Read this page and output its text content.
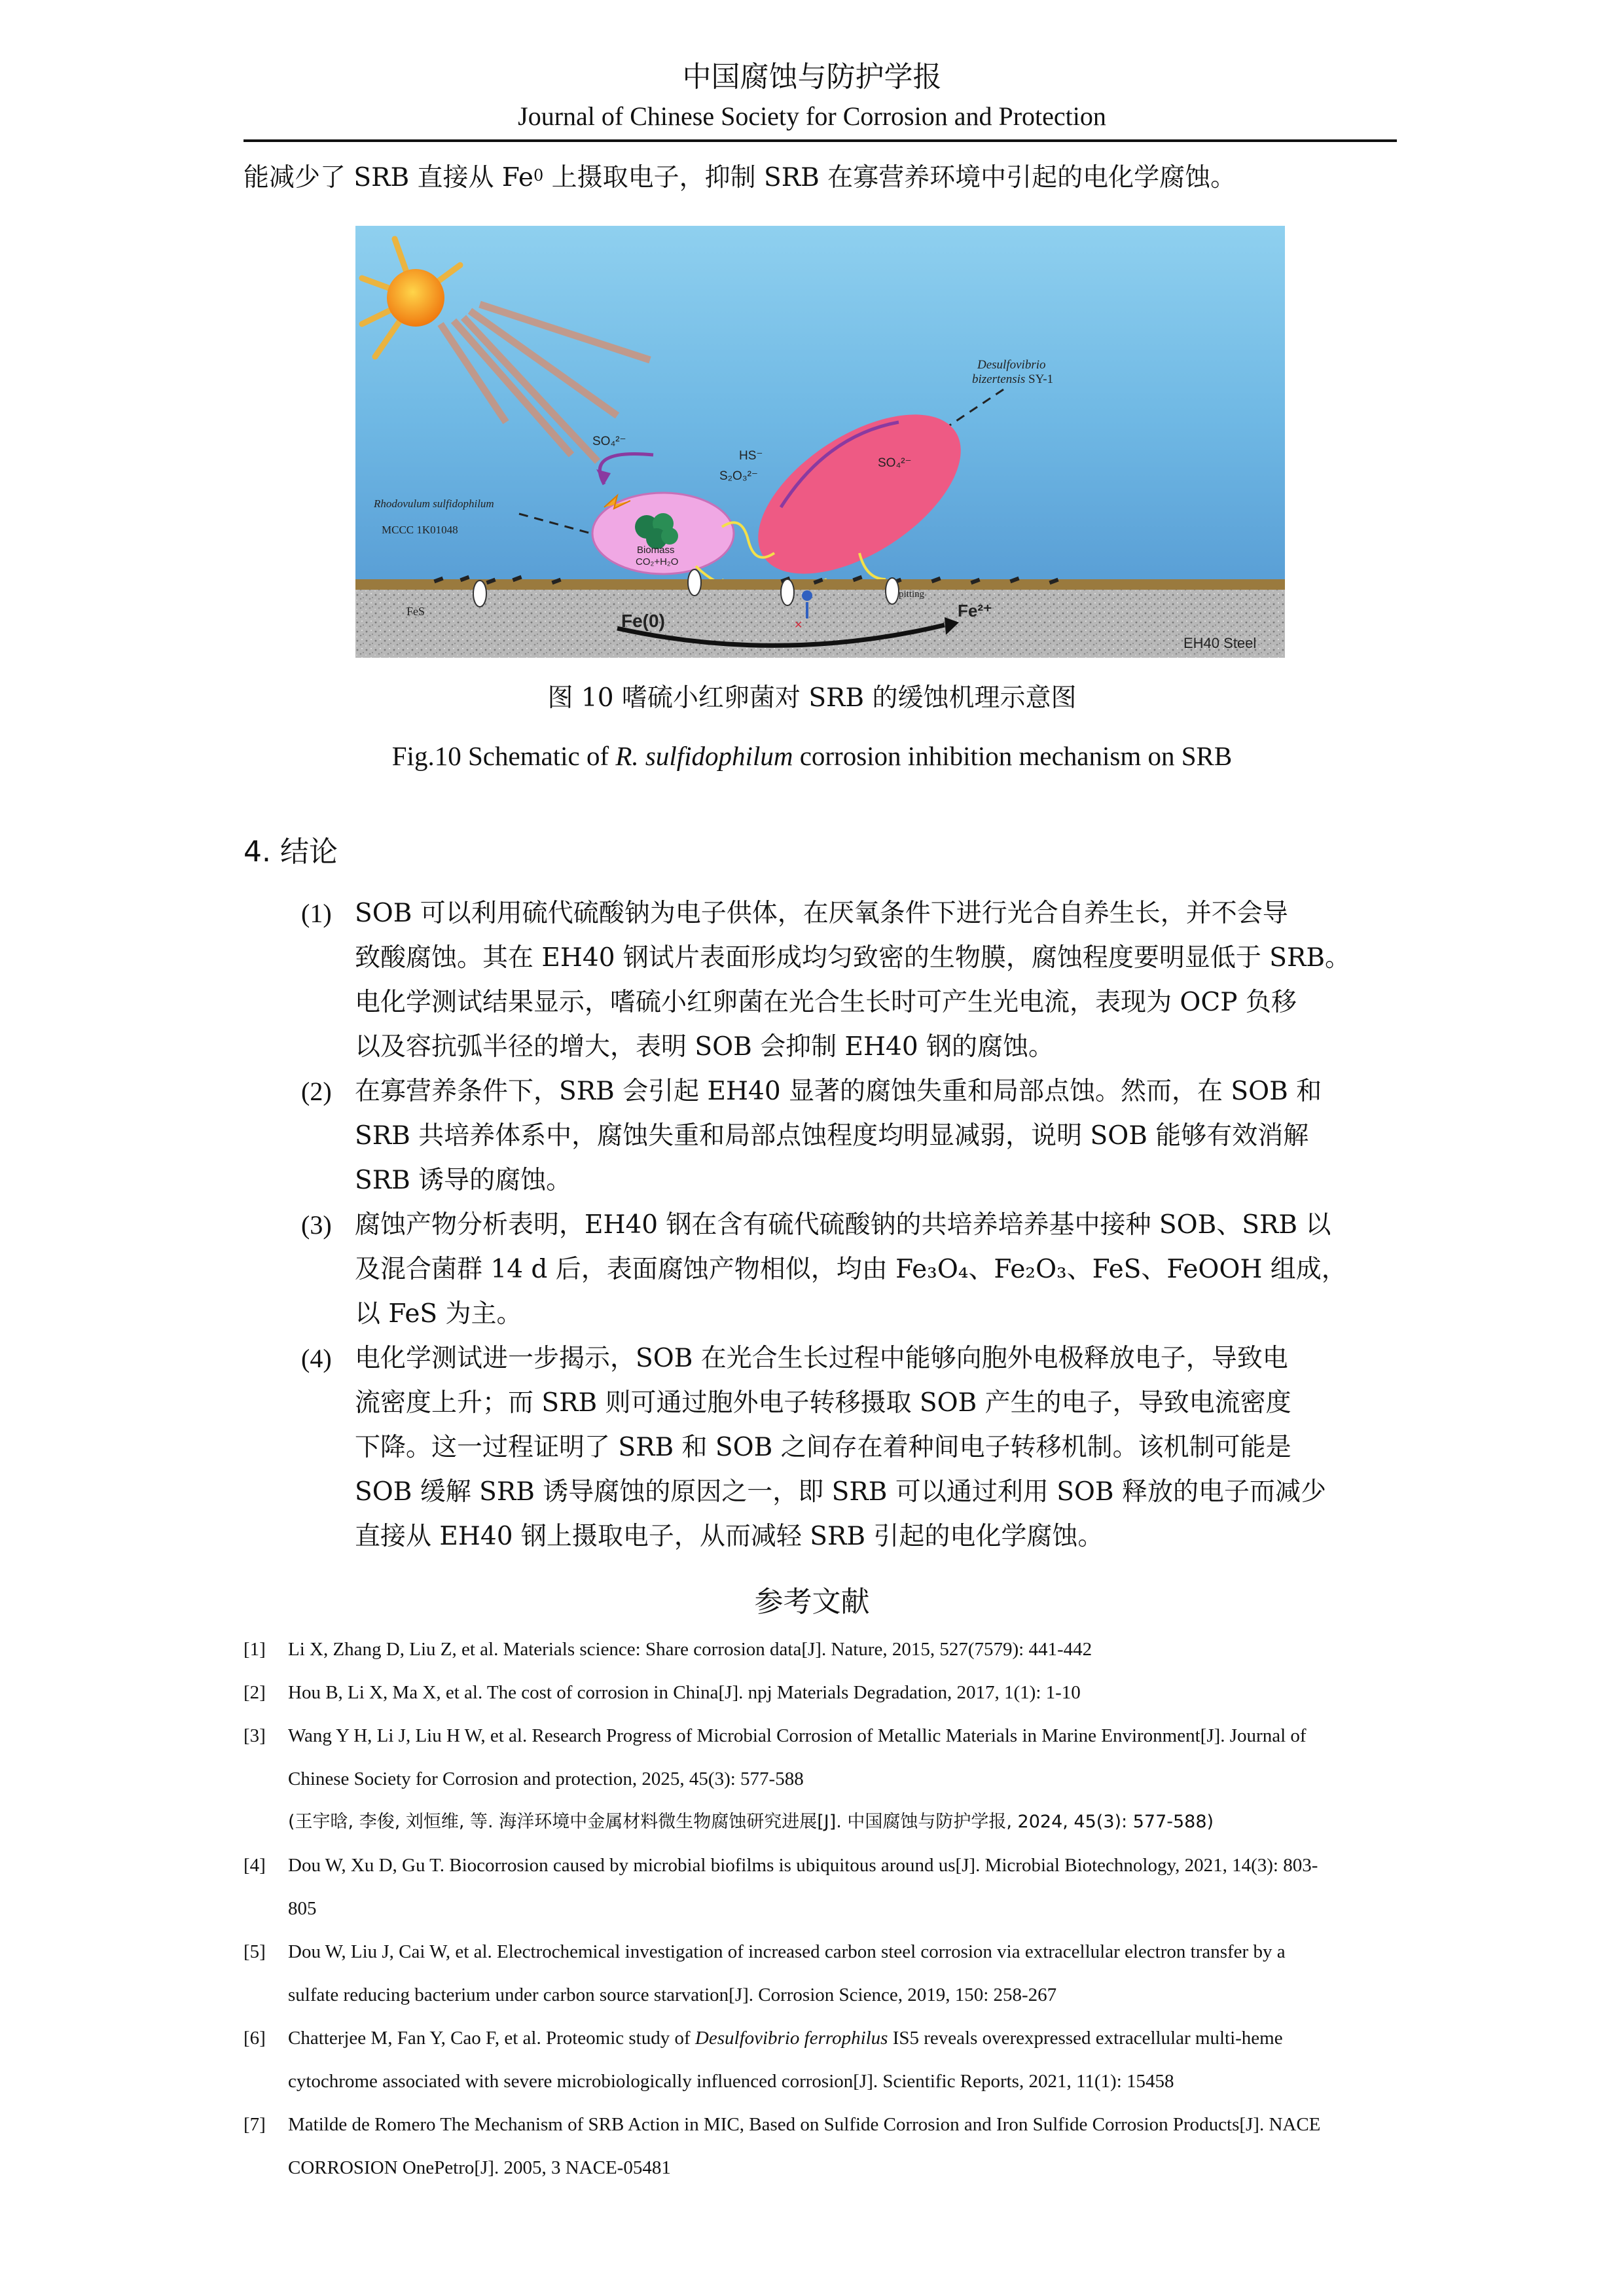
中国腐蚀与防护学报
Journal of Chinese Society for Corrosion and Protection
能减少了 SRB 直接从 Fe$^0$ 上摄取电子，抑制 SRB 在寡营养环境中引起的电化学腐蚀。
Desulfovibrio
bizertensis SY-1
Rhodovulum sulfidophilum
MCCC 1K01048
SO₄²⁻
S₂O₃²⁻
HS⁻
SO₄²⁻
Biomass
CO₂+H₂O
FeS
pitting
Fe(0)	Fe²⁺
EH40 Steel
✕
图 10 嗜硫小红卵菌对 SRB 的缓蚀机理示意图
Fig.10 Schematic of R. sulfidophilum corrosion inhibition mechanism on SRB
4. 结论
(1) SOB 可以利用硫代硫酸钠为电子供体，在厌氧条件下进行光合自养生长，并不会导
致酸腐蚀。其在 EH40 钢试片表面形成均匀致密的生物膜，腐蚀程度要明显低于 SRB。
电化学测试结果显示，嗜硫小红卵菌在光合生长时可产生光电流，表现为 OCP 负移
以及容抗弧半径的增大，表明 SOB 会抑制 EH40 钢的腐蚀。
(2) 在寡营养条件下，SRB 会引起 EH40 显著的腐蚀失重和局部点蚀。然而，在 SOB 和
SRB 共培养体系中，腐蚀失重和局部点蚀程度均明显减弱，说明 SOB 能够有效消解
SRB 诱导的腐蚀。
(3) 腐蚀产物分析表明，EH40 钢在含有硫代硫酸钠的共培养培养基中接种 SOB、SRB 以
及混合菌群 14 d 后，表面腐蚀产物相似，均由 Fe₃O₄、Fe₂O₃、FeS、FeOOH 组成，
以 FeS 为主。
(4) 电化学测试进一步揭示，SOB 在光合生长过程中能够向胞外电极释放电子，导致电
流密度上升；而 SRB 则可通过胞外电子转移摄取 SOB 产生的电子，导致电流密度
下降。这一过程证明了 SRB 和 SOB 之间存在着种间电子转移机制。该机制可能是
SOB 缓解 SRB 诱导腐蚀的原因之一，即 SRB 可以通过利用 SOB 释放的电子而减少
直接从 EH40 钢上摄取电子，从而减轻 SRB 引起的电化学腐蚀。
参考文献
[1] Li X, Zhang D, Liu Z, et al. Materials science: Share corrosion data[J]. Nature, 2015, 527(7579): 441-442
[2] Hou B, Li X, Ma X, et al. The cost of corrosion in China[J]. npj Materials Degradation, 2017, 1(1): 1-10
[3] Wang Y H, Li J, Liu H W, et al. Research Progress of Microbial Corrosion of Metallic Materials in Marine Environment[J]. Journal of
Chinese Society for Corrosion and protection, 2025, 45(3): 577-588
(王宇晗, 李俊, 刘恒维, 等. 海洋环境中金属材料微生物腐蚀研究进展[J]. 中国腐蚀与防护学报, 2024, 45(3): 577-588)
[4] Dou W, Xu D, Gu T. Biocorrosion caused by microbial biofilms is ubiquitous around us[J]. Microbial Biotechnology, 2021, 14(3): 803-
805
[5] Dou W, Liu J, Cai W, et al. Electrochemical investigation of increased carbon steel corrosion via extracellular electron transfer by a
sulfate reducing bacterium under carbon source starvation[J]. Corrosion Science, 2019, 150: 258-267
[6] Chatterjee M, Fan Y, Cao F, et al. Proteomic study of Desulfovibrio ferrophilus IS5 reveals overexpressed extracellular multi-heme
cytochrome associated with severe microbiologically influenced corrosion[J]. Scientific Reports, 2021, 11(1): 15458
[7] Matilde de Romero The Mechanism of SRB Action in MIC, Based on Sulfide Corrosion and Iron Sulfide Corrosion Products[J]. NACE
CORROSION OnePetro[J]. 2005, 3 NACE-05481
